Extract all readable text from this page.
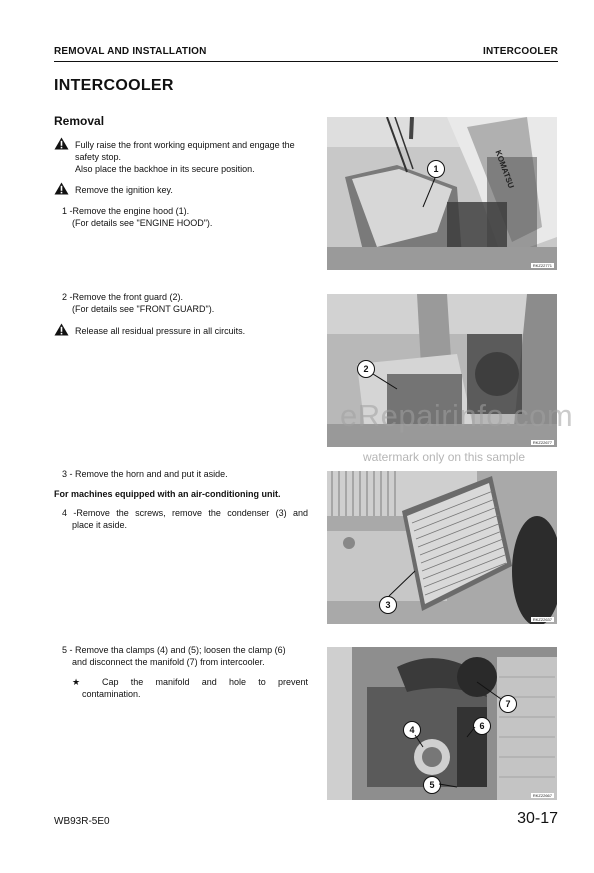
REMOVAL AND INSTALLATION	INTERCOOLER
INTERCOOLER
Removal
Fully raise the front working equipment and engage the
safety stop.
Also place the backhoe in its secure position.
Remove the ignition key.
1 -Remove the engine hood (1).
(For details see "ENGINE HOOD").
2 -Remove the front guard (2).
(For details see "FRONT GUARD").
Release all residual pressure in all circuits.
3 - Remove the horn and and put it aside.
For machines equipped with an air-conditioning unit.
4 -Remove the screws, remove the condenser (3) and
place it aside.
5 - Remove tha clamps (4) and (5); loosen the clamp (6)
and disconnect the manifold (7) from intercooler.
★ Cap the manifold and hole to prevent
contamination.
KOMATSU
1
RKZ22771
2
RKZ22677
3
RKZ22637
7
4	6
5
RKZ22667
eRepairinfo.com
watermark only on this sample
WB93R-5E0	30-17
